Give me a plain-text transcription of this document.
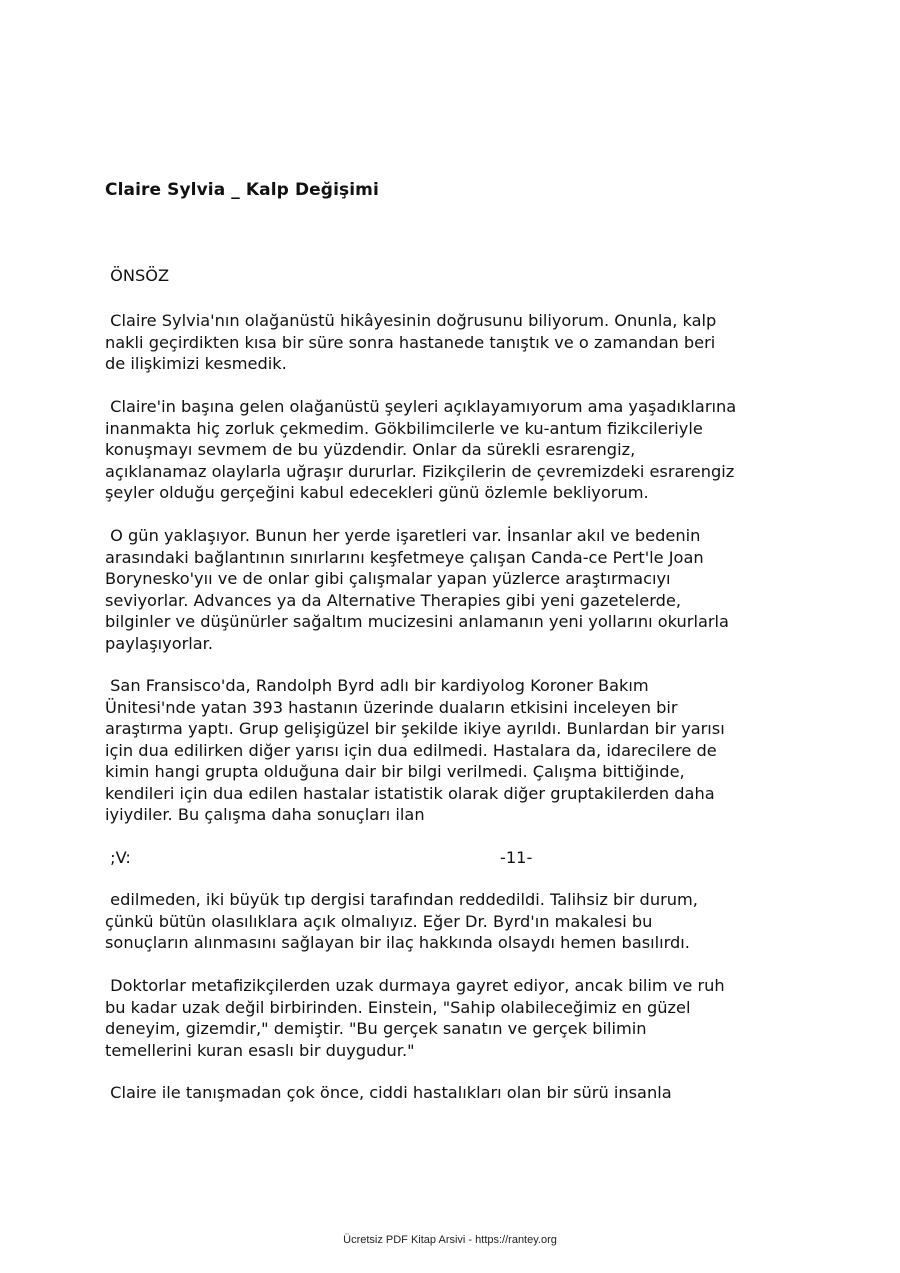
Claire Sylvia _ Kalp Değişimi
ÖNSÖZ
Claire Sylvia'nın olağanüstü hikâyesinin doğrusunu biliyorum. Onunla, kalp
nakli geçirdikten kısa bir süre sonra hastanede tanıştık ve o zamandan beri
de ilişkimizi kesmedik.
Claire'in başına gelen olağanüstü şeyleri açıklayamıyorum ama yaşadıklarına
inanmakta hiç zorluk çekmedim. Gökbilimcilerle ve ku-antum fizikcileriyle
konuşmayı sevmem de bu yüzdendir. Onlar da sürekli esrarengiz,
açıklanamaz olaylarla uğraşır dururlar. Fizikçilerin de çevremizdeki esrarengiz
şeyler olduğu gerçeğini kabul edecekleri günü özlemle bekliyorum.
O gün yaklaşıyor. Bunun her yerde işaretleri var. İnsanlar akıl ve bedenin
arasındaki bağlantının sınırlarını keşfetmeye çalışan Canda-ce Pert'le Joan
Borynesko'yıı ve de onlar gibi çalışmalar yapan yüzlerce araştırmacıyı
seviyorlar. Advances ya da Alternative Therapies gibi yeni gazetelerde,
bilginler ve düşünürler sağaltım mucizesini anlamanın yeni yollarını okurlarla
paylaşıyorlar.
San Fransisco'da, Randolph Byrd adlı bir kardiyolog Koroner Bakım
Ünitesi'nde yatan 393 hastanın üzerinde duaların etkisini inceleyen bir
araştırma yaptı. Grup gelişigüzel bir şekilde ikiye ayrıldı. Bunlardan bir yarısı
için dua edilirken diğer yarısı için dua edilmedi. Hastalara da, idarecilere de
kimin hangi grupta olduğuna dair bir bilgi verilmedi. Çalışma bittiğinde,
kendileri için dua edilen hastalar istatistik olarak diğer gruptakilerden daha
iyiydiler. Bu çalışma daha sonuçları ilan
;V:	-11-
edilmeden, iki büyük tıp dergisi tarafından reddedildi. Talihsiz bir durum,
çünkü bütün olasılıklara açık olmalıyız. Eğer Dr. Byrd'ın makalesi bu
sonuçların alınmasını sağlayan bir ilaç hakkında olsaydı hemen basılırdı.
Doktorlar metafizikçilerden uzak durmaya gayret ediyor, ancak bilim ve ruh
bu kadar uzak değil birbirinden. Einstein, "Sahip olabileceğimiz en güzel
deneyim, gizemdir," demiştir. "Bu gerçek sanatın ve gerçek bilimin
temellerini kuran esaslı bir duygudur."
Claire ile tanışmadan çok önce, ciddi hastalıkları olan bir sürü insanla
Ücretsiz PDF Kitap Arsivi - https://rantey.org
